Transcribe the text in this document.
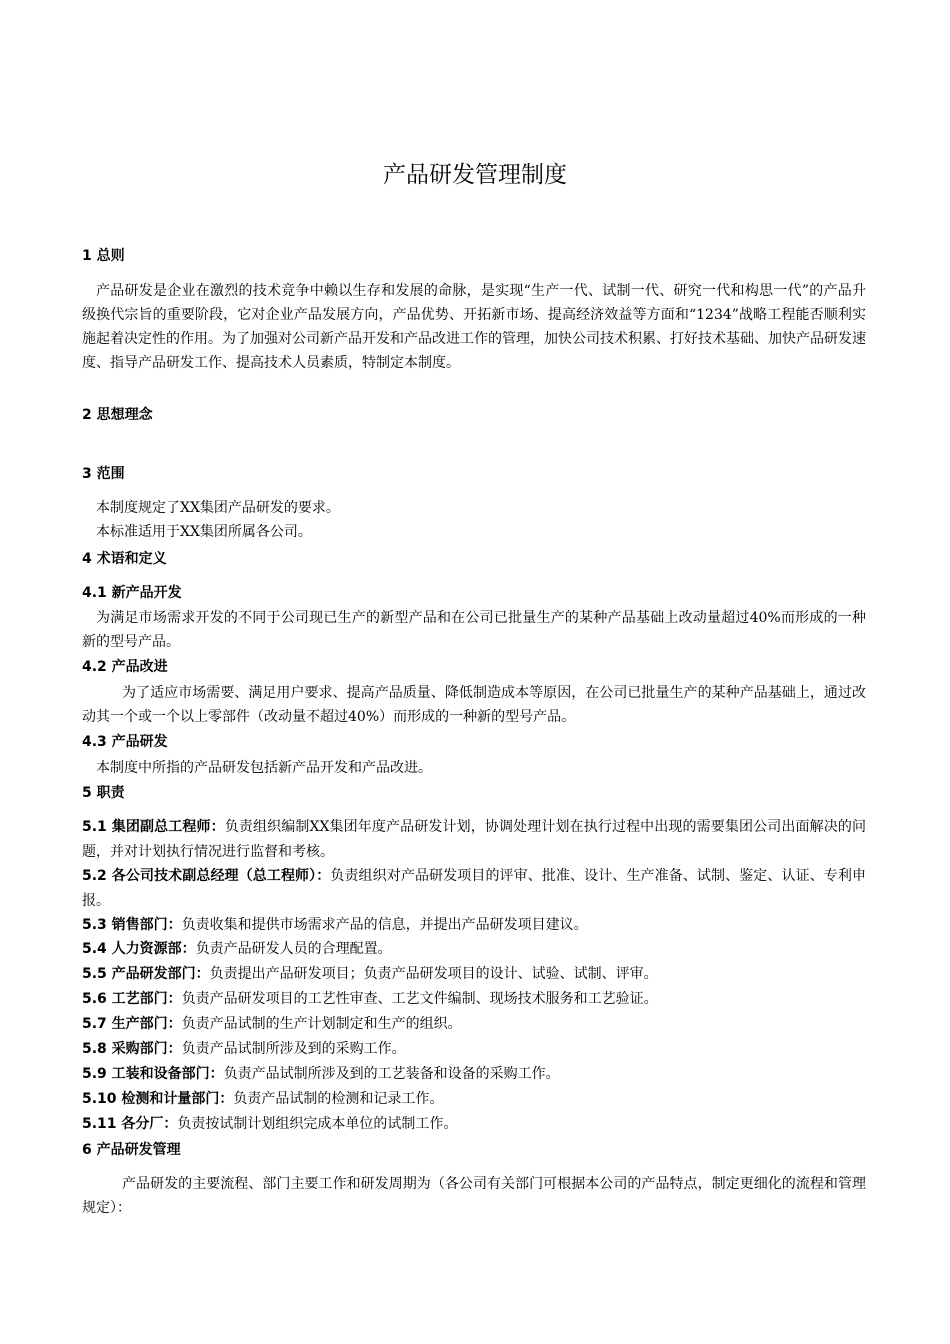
产品研发管理制度
1 总则
产品研发是企业在激烈的技术竞争中赖以生存和发展的命脉，是实现“生产一代、试制一代、研究一代和构思一代”的产品升级换代宗旨的重要阶段，它对企业产品发展方向，产品优势、开拓新市场、提高经济效益等方面和“1234”战略工程能否顺利实施起着决定性的作用。为了加强对公司新产品开发和产品改进工作的管理，加快公司技术积累、打好技术基础、加快产品研发速度、指导产品研发工作、提高技术人员素质，特制定本制度。
2 思想理念
3 范围
本制度规定了XX集团产品研发的要求。
本标准适用于XX集团所属各公司。
4 术语和定义
4.1 新产品开发
为满足市场需求开发的不同于公司现已生产的新型产品和在公司已批量生产的某种产品基础上改动量超过40%而形成的一种新的型号产品。
4.2 产品改进
为了适应市场需要、满足用户要求、提高产品质量、降低制造成本等原因，在公司已批量生产的某种产品基础上，通过改动其一个或一个以上零部件（改动量不超过40%）而形成的一种新的型号产品。
4.3 产品研发
本制度中所指的产品研发包括新产品开发和产品改进。
5 职责
5.1 集团副总工程师：负责组织编制XX集团年度产品研发计划，协调处理计划在执行过程中出现的需要集团公司出面解决的问题，并对计划执行情况进行监督和考核。
5.2 各公司技术副总经理（总工程师）：负责组织对产品研发项目的评审、批准、设计、生产准备、试制、鉴定、认证、专利申报。
5.3 销售部门：负责收集和提供市场需求产品的信息，并提出产品研发项目建议。
5.4 人力资源部：负责产品研发人员的合理配置。
5.5 产品研发部门：负责提出产品研发项目；负责产品研发项目的设计、试验、试制、评审。
5.6 工艺部门：负责产品研发项目的工艺性审查、工艺文件编制、现场技术服务和工艺验证。
5.7 生产部门：负责产品试制的生产计划制定和生产的组织。
5.8 采购部门：负责产品试制所涉及到的采购工作。
5.9 工装和设备部门：负责产品试制所涉及到的工艺装备和设备的采购工作。
5.10 检测和计量部门：负责产品试制的检测和记录工作。
5.11 各分厂：负责按试制计划组织完成本单位的试制工作。
6 产品研发管理
产品研发的主要流程、部门主要工作和研发周期为（各公司有关部门可根据本公司的产品特点，制定更细化的流程和管理规定）：
